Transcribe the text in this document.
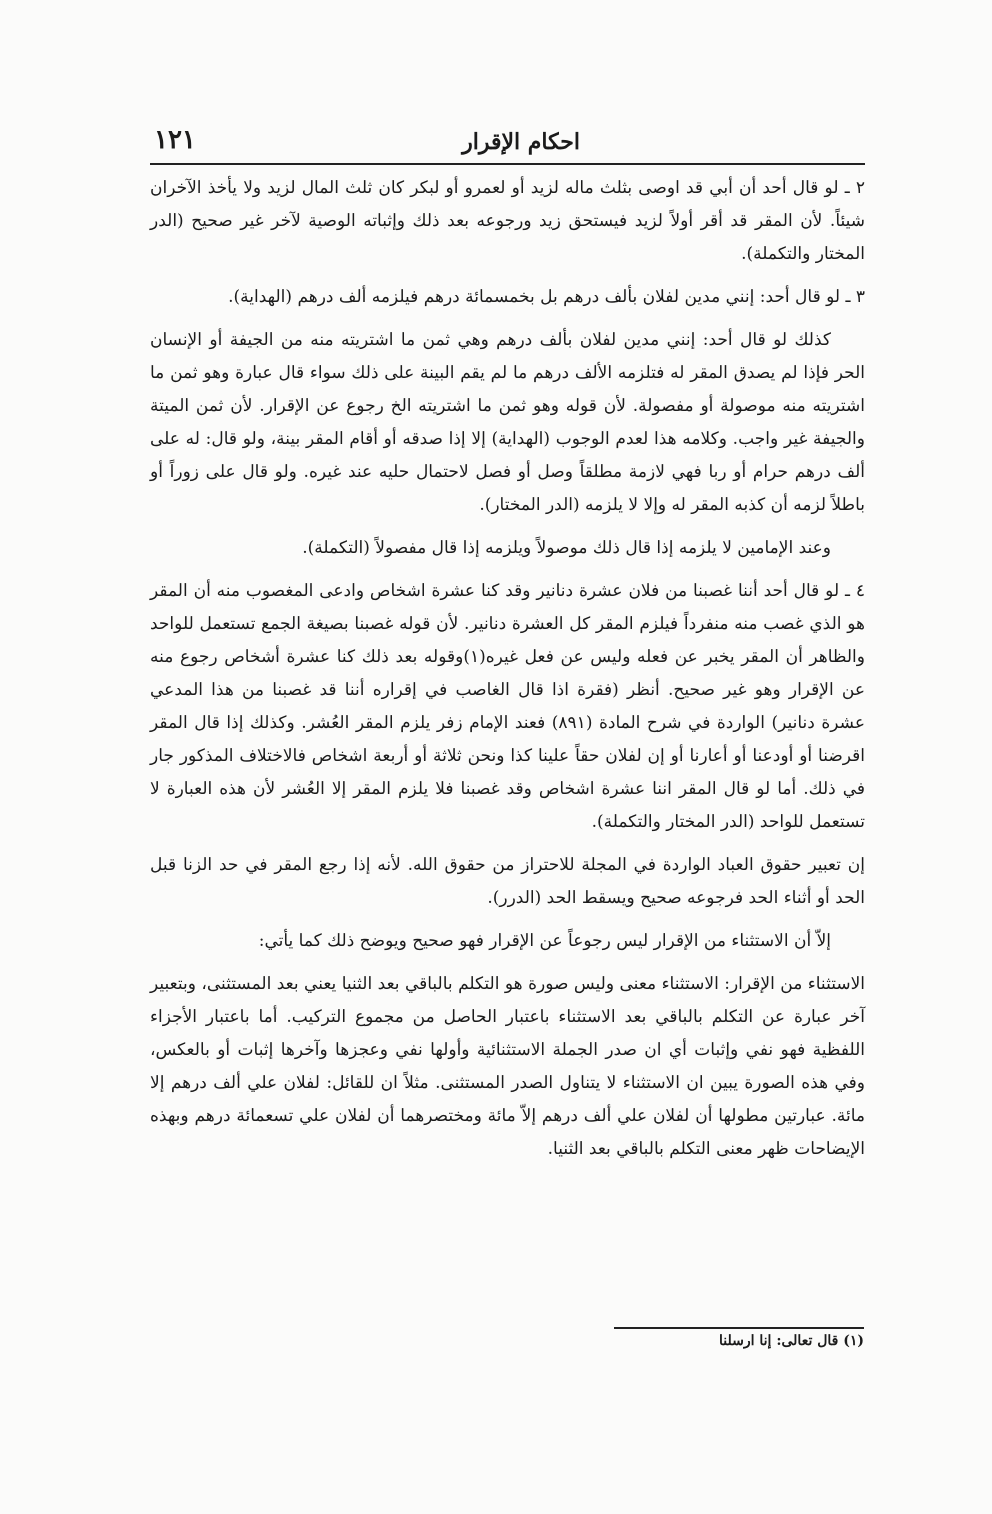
احكام الإقرار
١٢١

٢ ـ لو قال أحد أن أبي قد اوصى بثلث ماله لزيد أو لعمرو أو لبكر كان ثلث المال لزيد ولا يأخذ الآخران شيئاً. لأن المقر قد أقر أولاً لزيد فيستحق زيد ورجوعه بعد ذلك وإثباته الوصية لآخر غير صحيح (الدر المختار والتكملة).

٣ ـ لو قال أحد: إنني مدين لفلان بألف درهم بل بخمسمائة درهم فيلزمه ألف درهم (الهداية).

كذلك لو قال أحد: إنني مدين لفلان بألف درهم وهي ثمن ما اشتريته منه من الجيفة أو الإنسان الحر فإذا لم يصدق المقر له فتلزمه الألف درهم ما لم يقم البينة على ذلك سواء قال عبارة وهو ثمن ما اشتريته منه موصولة أو مفصولة. لأن قوله وهو ثمن ما اشتريته الخ رجوع عن الإقرار. لأن ثمن الميتة والجيفة غير واجب. وكلامه هذا لعدم الوجوب (الهداية) إلا إذا صدقه أو أقام المقر بينة، ولو قال: له على ألف درهم حرام أو ربا فهي لازمة مطلقاً وصل أو فصل لاحتمال حليه عند غيره. ولو قال على زوراً أو باطلاً لزمه أن كذبه المقر له وإلا لا يلزمه (الدر المختار).

وعند الإمامين لا يلزمه إذا قال ذلك موصولاً ويلزمه إذا قال مفصولاً (التكملة).

٤ ـ لو قال أحد أننا غصبنا من فلان عشرة دنانير وقد كنا عشرة اشخاص وادعى المغصوب منه أن المقر هو الذي غصب منه منفرداً فيلزم المقر كل العشرة دنانير. لأن قوله غصبنا بصيغة الجمع تستعمل للواحد والظاهر أن المقر يخبر عن فعله وليس عن فعل غيره(١)وقوله بعد ذلك كنا عشرة أشخاص رجوع منه عن الإقرار وهو غير صحيح. أنظر (فقرة اذا قال الغاصب في إقراره أننا قد غصبنا من هذا المدعي عشرة دنانير) الواردة في شرح المادة (٨٩١) فعند الإمام زفر يلزم المقر العُشر. وكذلك إذا قال المقر اقرضنا أو أودعنا أو أعارنا أو إن لفلان حقاً علينا كذا ونحن ثلاثة أو أربعة اشخاص فالاختلاف المذكور جار في ذلك. أما لو قال المقر اننا عشرة اشخاص وقد غصبنا فلا يلزم المقر إلا العُشر لأن هذه العبارة لا تستعمل للواحد (الدر المختار والتكملة).

إن تعبير حقوق العباد الواردة في المجلة للاحتراز من حقوق الله. لأنه إذا رجع المقر في حد الزنا قبل الحد أو أثناء الحد فرجوعه صحيح ويسقط الحد (الدرر).

إلاّ أن الاستثناء من الإقرار ليس رجوعاً عن الإقرار فهو صحيح ويوضح ذلك كما يأتي:

الاستثناء من الإقرار: الاستثناء معنى وليس صورة هو التكلم بالباقي بعد الثنيا يعني بعد المستثنى، وبتعبير آخر عبارة عن التكلم بالباقي بعد الاستثناء باعتبار الحاصل من مجموع التركيب. أما باعتبار الأجزاء اللفظية فهو نفي وإثبات أي ان صدر الجملة الاستثنائية وأولها نفي وعجزها وآخرها إثبات أو بالعكس، وفي هذه الصورة يبين ان الاستثناء لا يتناول الصدر المستثنى. مثلاً ان للقائل: لفلان علي ألف درهم إلا مائة. عبارتين مطولها أن لفلان علي ألف درهم إلاّ مائة ومختصرهما أن لفلان علي تسعمائة درهم وبهذه الإيضاحات ظهر معنى التكلم بالباقي بعد الثنيا.

(١) قال تعالى: إنا ارسلنا
